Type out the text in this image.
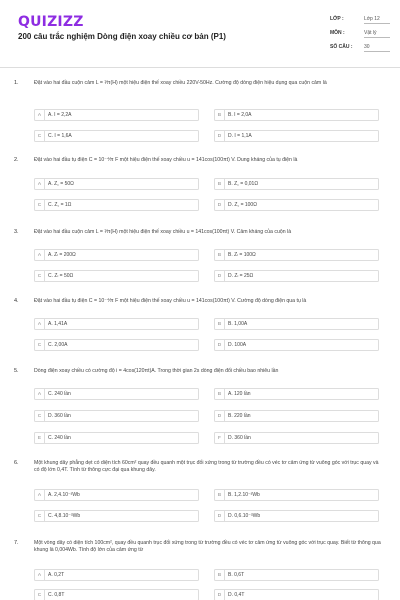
QUIZIZZ
200 câu trắc nghiệm Dòng điện xoay chiều cơ bản (P1)
LỚP :	Lớp 12
MÔN :	Vật lý
SỐ CÂU : 30
1.	Đặt vào hai đầu cuộn cảm L = ¹⁄π(H) một hiệu điện thế xoay chiều 220V-50Hz. Cường độ dòng điện hiệu dụng qua cuộn cảm là
A	A. I = 2,2A	B	B. I = 2,0A
C	C. I = 1,6A	D	D. I = 1,1A
2.	Đặt vào hai đầu tụ điện C = 10⁻⁴⁄π F một hiệu điện thế xoay chiều u = 141cos(100πt) V. Dung kháng của tụ điện là
A	A. Z꜀ = 50Ω	B	B. Z꜀ = 0,01Ω
C	C. Z꜀ = 1Ω	D	D. Z꜀ = 100Ω
3.	Đặt vào hai đầu cuộn cảm L = ¹⁄π(H) một hiệu điện thế xoay chiều u = 141cos(100πt) V. Cảm kháng của cuộn là
A	A. Zₗ = 200Ω	B	B. Zₗ = 100Ω
C	C. Zₗ = 50Ω	D	D. Zₗ = 25Ω
4.	Đặt vào hai đầu tụ điện C = 10⁻⁴⁄π F một hiệu điện thế xoay chiều u = 141cos(100πt) V. Cường độ dòng điện qua tụ là
A	A. 1,41A	B	B. 1,00A
C	C. 2,00A	D	D. 100A
5.	Dòng điện xoay chiều có cường độ i = 4cos(120πt)A. Trong thời gian 2s dòng điện đổi chiều bao nhiêu lần
A	C. 240 lần	B	A. 120 lần
C	D. 360 lần	D	B. 220 lần
E	C. 240 lần	F	D. 360 lần
6.	Một khung dây phẳng dẹt có diện tích 60cm² quay đều quanh một trục đối xứng trong từ trường đều có véc tơ cảm ứng từ vuông góc với trục quay và có độ lớn 0,4T. Tính từ thông cực đại qua khung dây.
A	A. 2,4.10⁻³Wb	B	B. 1,2.10⁻³Wb
C	C. 4,8.10⁻³Wb	D	D. 0,6.10⁻³Wb
7.	Một vòng dây có diện tích 100cm², quay đều quanh trục đối xứng trong từ trường đều có véc tơ cảm ứng từ vuông góc với trục quay. Biết từ thông qua khung là 0,004Wb. Tính độ lớn của cảm ứng từ
A	A. 0,2T	B	B. 0,6T
C	C. 0,8T	D	D. 0,4T
